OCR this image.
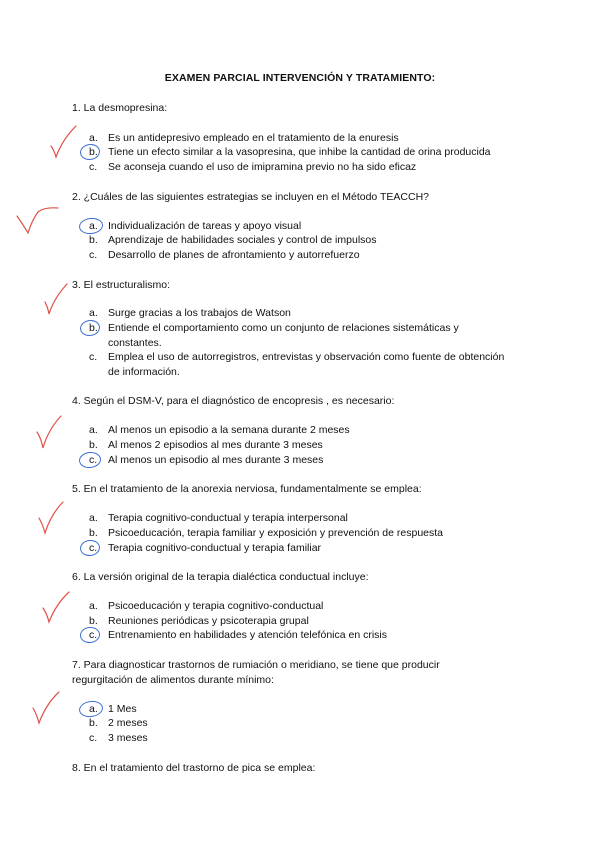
EXAMEN PARCIAL INTERVENCIÓN Y TRATAMIENTO:
1. La desmopresina:
a. Es un antidepresivo empleado en el tratamiento de la enuresis
b. Tiene un efecto similar a la vasopresina, que inhibe la cantidad de orina producida
c. Se aconseja cuando el uso de imipramina previo no ha sido eficaz
2. ¿Cuáles de las siguientes estrategias se incluyen en el Método TEACCH?
a. Individualización de tareas y apoyo visual
b. Aprendizaje de habilidades sociales y control de impulsos
c. Desarrollo de planes de afrontamiento y autorrefuerzo
3. El estructuralismo:
a. Surge gracias a los trabajos de Watson
b. Entiende el comportamiento como un conjunto de relaciones sistemáticas y
constantes.
c. Emplea el uso de autorregistros, entrevistas y observación como fuente de obtención
de información.
4. Según el DSM-V, para el diagnóstico de encopresis , es necesario:
a. Al menos un episodio a la semana durante 2 meses
b. Al menos 2 episodios al mes durante 3 meses
c. Al menos un episodio al mes durante 3 meses
5. En el tratamiento de la anorexia nerviosa, fundamentalmente se emplea:
a. Terapia cognitivo-conductual y terapia interpersonal
b. Psicoeducación, terapia familiar y exposición y prevención de respuesta
c. Terapia cognitivo-conductual y terapia familiar
6. La versión original de la terapia dialéctica conductual incluye:
a. Psicoeducación y terapia cognitivo-conductual
b. Reuniones periódicas y psicoterapia grupal
c. Entrenamiento en habilidades y atención telefónica en crisis
7. Para diagnosticar trastornos de rumiación o meridiano, se tiene que producir
regurgitación de alimentos durante mínimo:
a. 1 Mes
b. 2 meses
c. 3 meses
8. En el tratamiento del trastorno de pica se emplea:
